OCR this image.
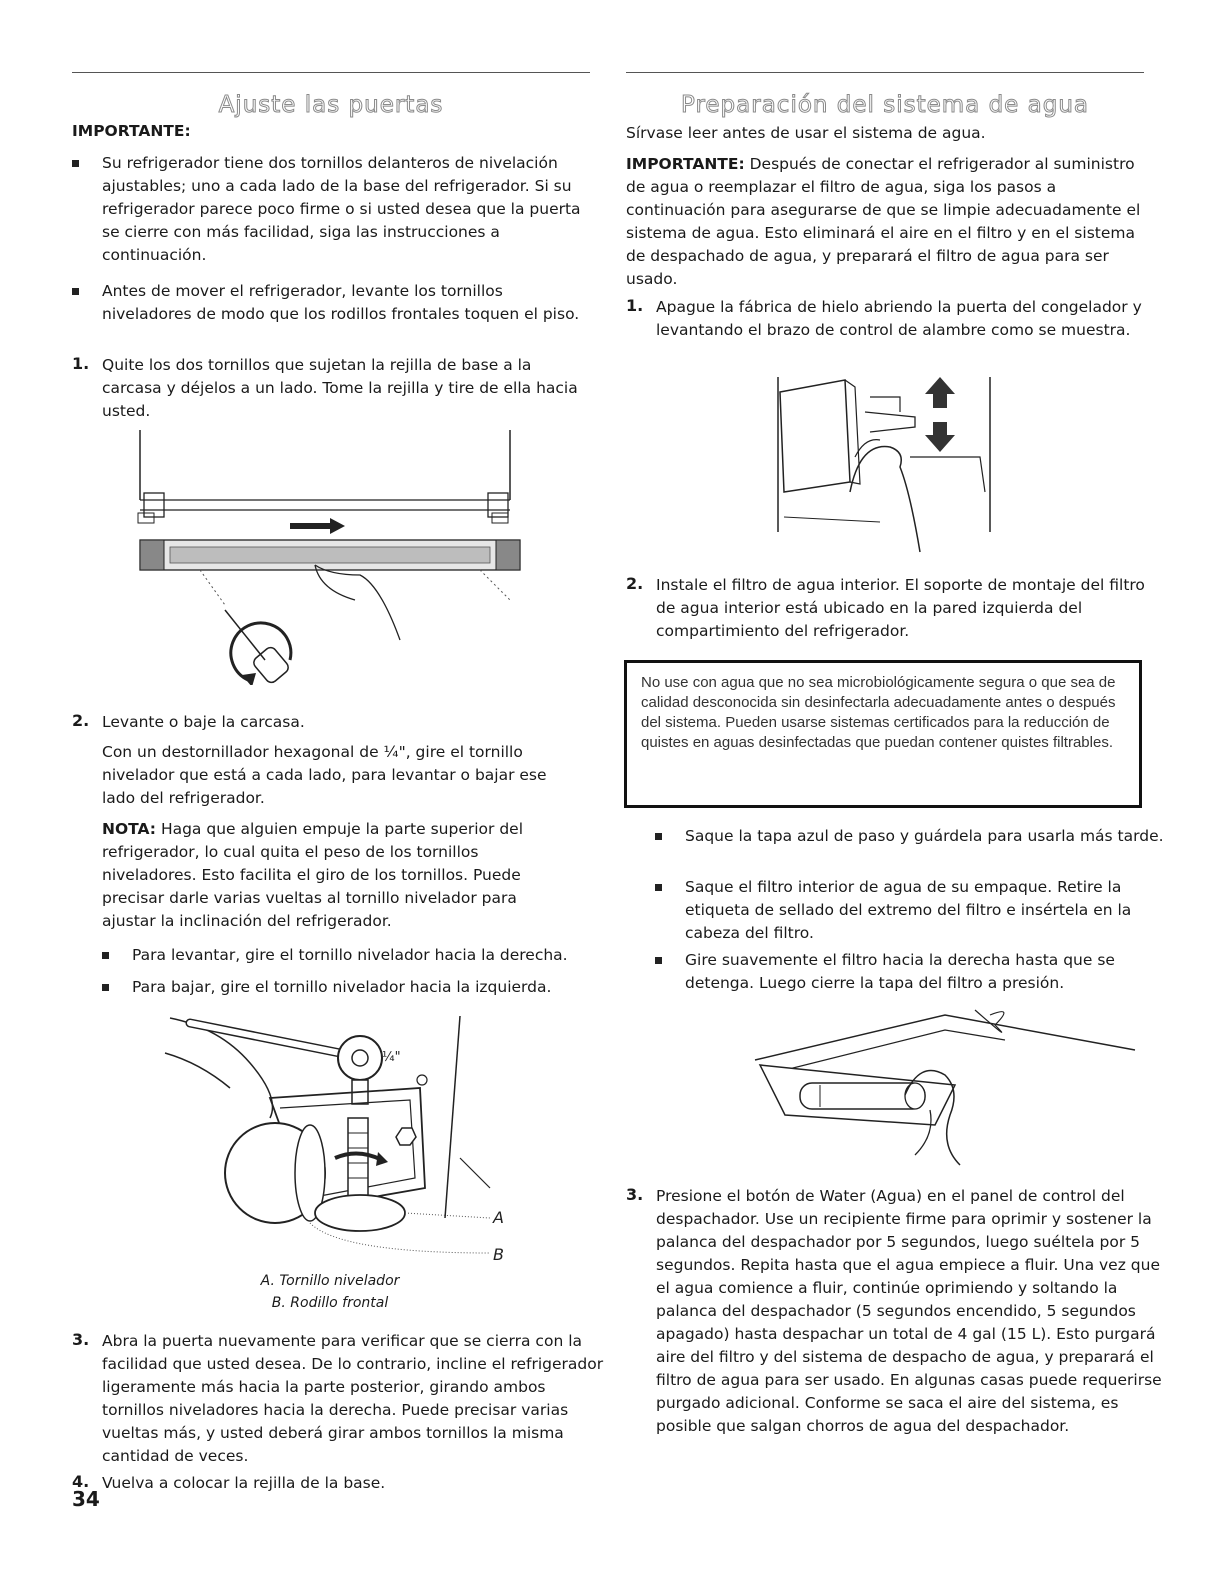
Ajuste las puertas

IMPORTANTE:

Su refrigerador tiene dos tornillos delanteros de nivelación ajustables; uno a cada lado de la base del refrigerador. Si su refrigerador parece poco firme o si usted desea que la puerta se cierre con más facilidad, siga las instrucciones a continuación.
Antes de mover el refrigerador, levante los tornillos niveladores de modo que los rodillos frontales toquen el piso.
1. Quite los dos tornillos que sujetan la rejilla de base a la carcasa y déjelos a un lado. Tome la rejilla y tire de ella hacia usted.

2. Levante o baje la carcasa.

Con un destornillador hexagonal de ¼", gire el tornillo nivelador que está a cada lado, para levantar o bajar ese lado del refrigerador.

NOTA: Haga que alguien empuje la parte superior del refrigerador, lo cual quita el peso de los tornillos niveladores. Esto facilita el giro de los tornillos. Puede precisar darle varias vueltas al tornillo nivelador para ajustar la inclinación del refrigerador.

Para levantar, gire el tornillo nivelador hacia la derecha.
Para bajar, gire el tornillo nivelador hacia la izquierda.
¼"
A
B

A. Tornillo nivelador

B. Rodillo frontal

3. Abra la puerta nuevamente para verificar que se cierra con la facilidad que usted desea. De lo contrario, incline el refrigerador ligeramente más hacia la parte posterior, girando ambos tornillos niveladores hacia la derecha. Puede precisar varias vueltas más, y usted deberá girar ambos tornillos la misma cantidad de veces.

4. Vuelva a colocar la rejilla de la base.

34
Preparación del sistema de agua

Sírvase leer antes de usar el sistema de agua.

IMPORTANTE: Después de conectar el refrigerador al suministro de agua o reemplazar el filtro de agua, siga los pasos a continuación para asegurarse de que se limpie adecuadamente el sistema de agua. Esto eliminará el aire en el filtro y en el sistema de despachado de agua, y preparará el filtro de agua para ser usado.

1. Apague la fábrica de hielo abriendo la puerta del congelador y levantando el brazo de control de alambre como se muestra.

2. Instale el filtro de agua interior. El soporte de montaje del filtro de agua interior está ubicado en la pared izquierda del compartimiento del refrigerador.

No use con agua que no sea microbiológicamente segura o que sea de calidad desconocida sin desinfectarla adecuadamente antes o después del sistema. Pueden usarse sistemas certificados para la reducción de quistes en aguas desinfectadas que puedan contener quistes filtrables.
Saque la tapa azul de paso y guárdela para usarla más tarde.
Saque el filtro interior de agua de su empaque. Retire la etiqueta de sellado del extremo del filtro e insértela en la cabeza del filtro.
Gire suavemente el filtro hacia la derecha hasta que se detenga. Luego cierre la tapa del filtro a presión.
3. Presione el botón de Water (Agua) en el panel de control del despachador. Use un recipiente firme para oprimir y sostener la palanca del despachador por 5 segundos, luego suéltela por 5 segundos. Repita hasta que el agua empiece a fluir. Una vez que el agua comience a fluir, continúe oprimiendo y soltando la palanca del despachador (5 segundos encendido, 5 segundos apagado) hasta despachar un total de 4 gal (15 L). Esto purgará aire del filtro y del sistema de despacho de agua, y preparará el filtro de agua para ser usado. En algunas casas puede requerirse purgado adicional. Conforme se saca el aire del sistema, es posible que salgan chorros de agua del despachador.
